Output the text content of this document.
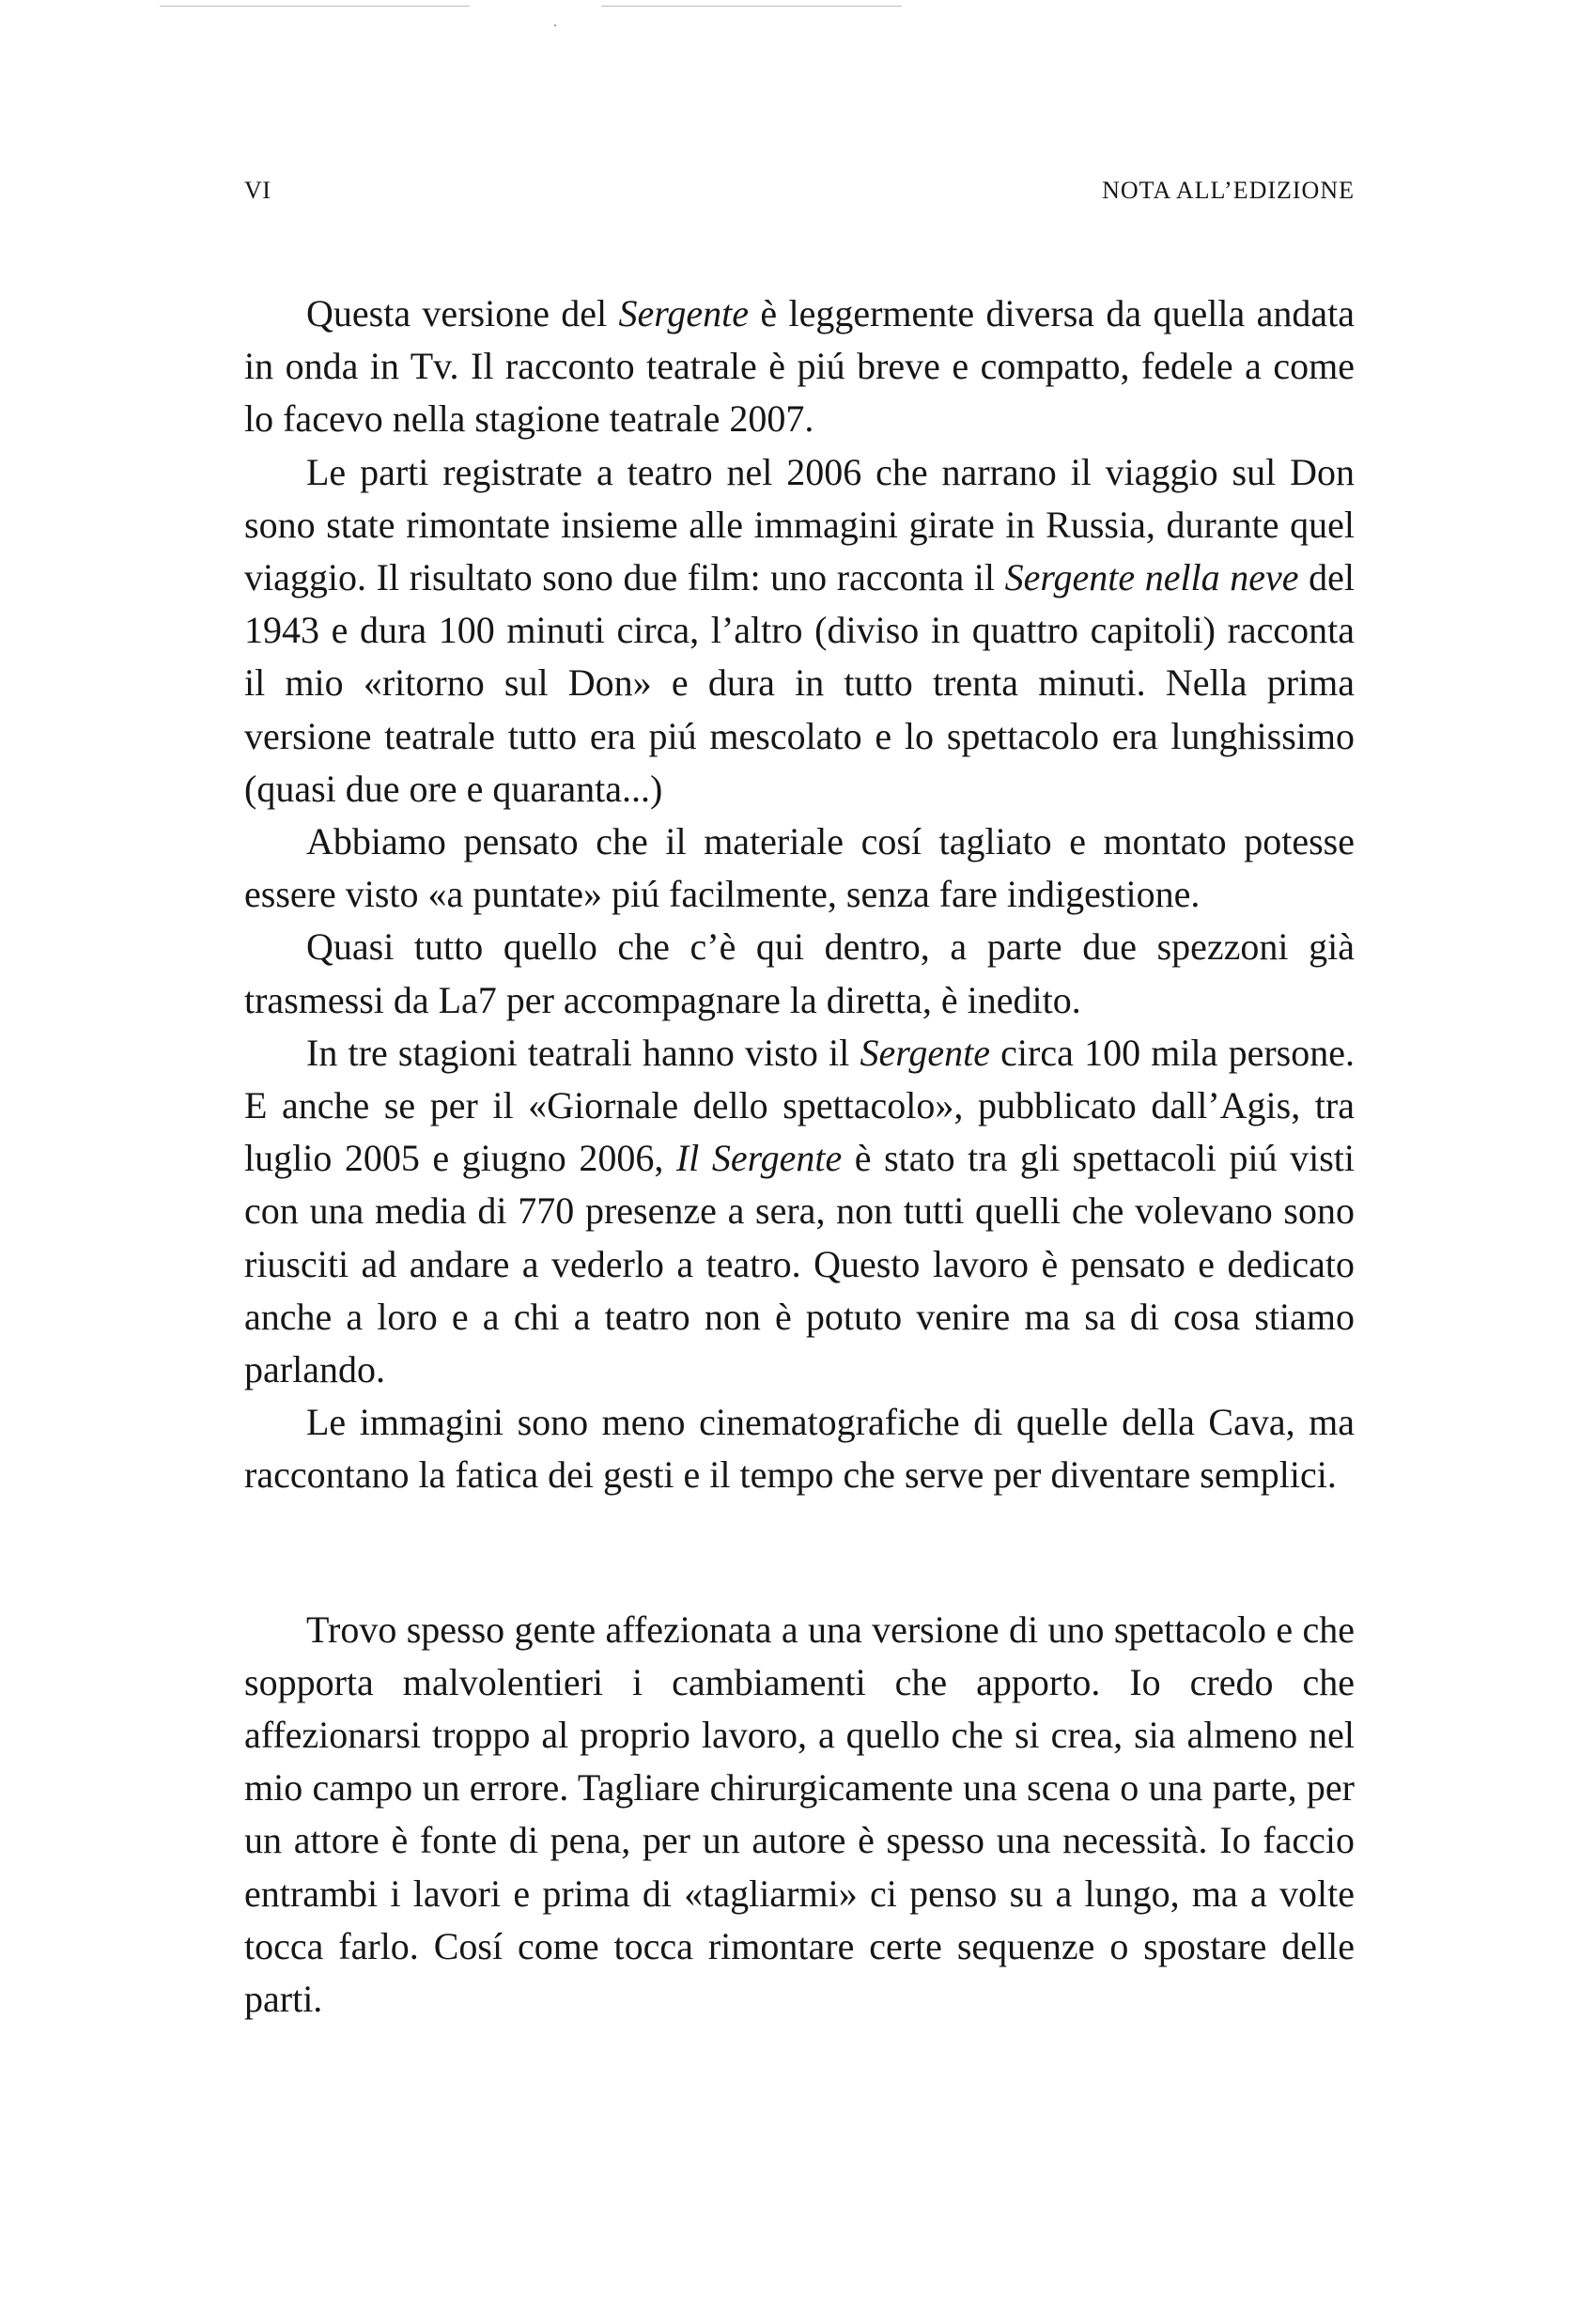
VI	NOTA ALL’EDIZIONE

Questa versione del Sergente è leggermente diversa da quella andata in onda in Tv. Il racconto teatrale è piú breve e compatto, fedele a come lo facevo nella stagione teatrale 2007.

Le parti registrate a teatro nel 2006 che narrano il viaggio sul Don sono state rimontate insieme alle immagini girate in Russia, durante quel viaggio. Il risultato sono due film: uno racconta il Sergente nella neve del 1943 e dura 100 minuti circa, l’altro (diviso in quattro capitoli) racconta il mio «ritorno sul Don» e dura in tutto trenta minuti. Nella prima versione teatrale tutto era piú mescolato e lo spettacolo era lunghissimo (quasi due ore e quaranta...)

Abbiamo pensato che il materiale cosí tagliato e montato potesse essere visto «a puntate» piú facilmente, senza fare indigestione.

Quasi tutto quello che c’è qui dentro, a parte due spezzoni già trasmessi da La7 per accompagnare la diretta, è inedito.

In tre stagioni teatrali hanno visto il Sergente circa 100 mila persone. E anche se per il «Giornale dello spettacolo», pubblicato dall’Agis, tra luglio 2005 e giugno 2006, Il Sergente è stato tra gli spettacoli piú visti con una media di 770 presenze a sera, non tutti quelli che volevano sono riusciti ad andare a vederlo a teatro. Questo lavoro è pensato e dedicato anche a loro e a chi a teatro non è potuto venire ma sa di cosa stiamo parlando.

Le immagini sono meno cinematografiche di quelle della Cava, ma raccontano la fatica dei gesti e il tempo che serve per diventare semplici.

Trovo spesso gente affezionata a una versione di uno spettacolo e che sopporta malvolentieri i cambiamenti che apporto. Io credo che affezionarsi troppo al proprio lavoro, a quello che si crea, sia almeno nel mio campo un errore. Tagliare chirurgicamente una scena o una parte, per un attore è fonte di pena, per un autore è spesso una necessità. Io faccio entrambi i lavori e prima di «tagliarmi» ci penso su a lungo, ma a volte tocca farlo. Cosí come tocca rimontare certe sequenze o spostare delle parti.
